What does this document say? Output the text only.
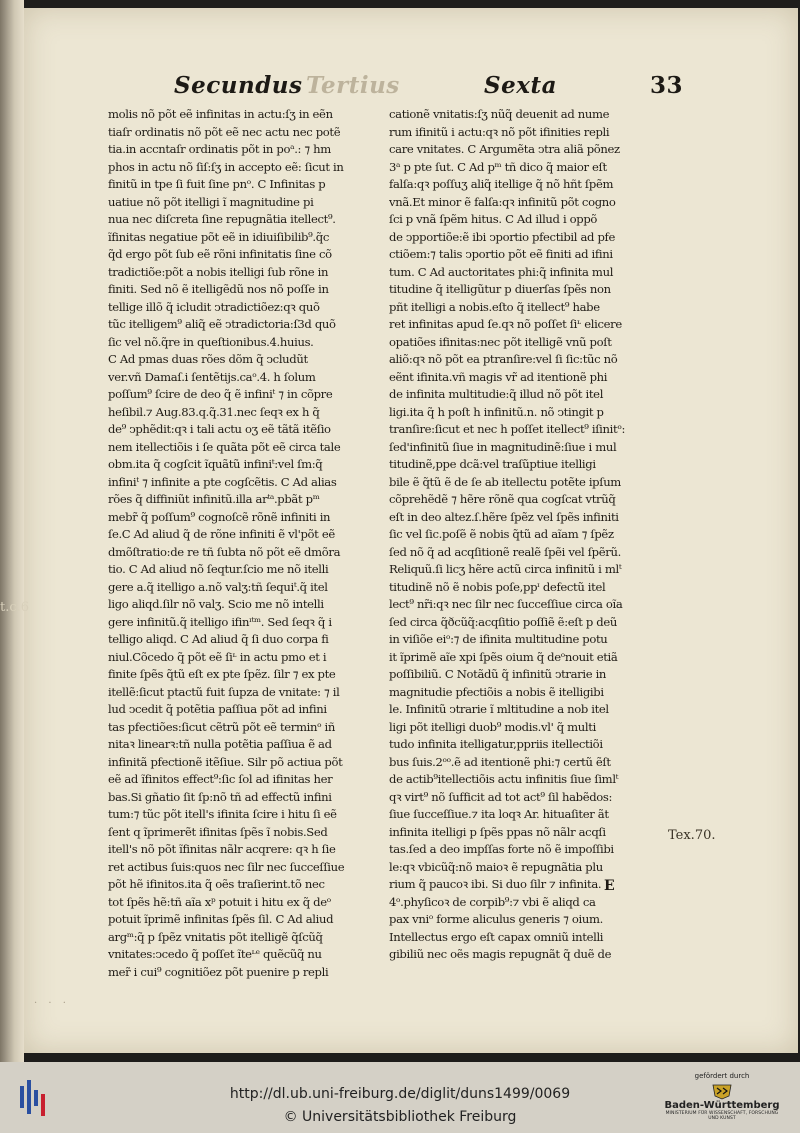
Secundus Tertius	Sexta	33
molis nõ põt eẽ infinitas in actu:ſʒ in eẽn
tiaſr ordinatis nõ põt eẽ nec actu nec potẽ
tia.in accntaſr ordinatis põt in poᵃ.: ⁊ hm
phos in actu nõ ſiſ:ſʒ in accepto eẽ: ſicut in
finitũ in tpe ſi fuit ſine pnᵒ. C Infinitas p
uatiue nõ põt itelligi ĩ magnitudine pi
nua nec diſcreta ſine repugnãtia itellect⁹.
ĩfinitas negatiue põt eẽ in idiuiſibilib⁹.q̃c
q̃d ergo põt ſub eẽ rõni infinitatis ſine cõ
tradictiõe:põt a nobis itelligi ſub rõne in
finiti. Sed nõ ẽ itelligẽdũ nos nõ poſſe in
tellige illõ q̃ icludit ↄtradictiõez:qꝛ quõ
tũc itelligem⁹ aliq̃ eẽ ↄtradictoria:ſ3d quõ
ſic vel nõ.q̃re in queſtionibus.4.huius.
C Ad pmas duas rões dõm q̃ ↄcludũt
ver.vñ Damaſ.i ſentẽtijs.caᵒ.4. h ſolum
poſſum⁹ ſcire de deo q̃ ẽ infiniᵗ ⁊ in cõpre
heſibil.⁊ Aug.83.q.q̃.31.nec ſeqꝛ ex h q̃
de⁹ ↄphẽdit:qꝛ i tali actu oʒ eẽ tãtã itẽſio
nem itellectiõis i ſe quãta põt eẽ circa tale
obm.ita q̃ cogſcit ĩquãtũ infiniᵗ:vel ſm:q̃
infiniᵗ ⁊ infinite a pte cogſcẽtis. C Ad alias
rões q̃ diffiniũt infinitũ.illa arᵗᵃ.pbãt pᵐ
mebr̃ q̃ poſſum⁹ cognoſcẽ rõnẽ infiniti in
ſe.C Ad aliud q̃ de rõne infiniti ẽ vl'põt eẽ
dmõſtratio:de re tñ ſubta nõ põt eẽ dmõra
tio. C Ad aliud nõ ſeqtur.ſcio me nõ itelli
gere a.q̃ itelligo a.nõ valʒ:tñ ſequiᵗ.q̃ itel
ligo aliqd.ſilr nõ valʒ. Scio me nõ intelli
gere infinitũ.q̃ itelligo ifinᶦᵗᵐ. Sed ſeqꝛ q̃ i
telligo aliqd. C Ad aliud q̃ ſi duo corpa fi
niul.Cõcedo q̃ põt eẽ ſiᶫ in actu pmo et i
finite ſpẽs q̃tũ eſt ex pte ſpẽz. ſilr ⁊ ex pte
itellẽ:ſicut ptactũ fuit ſupza de vnitate: ⁊ il
lud ↄcedit q̃ potẽtia paſſiua põt ad infini
tas pfectiões:ſicut cẽtrũ põt eẽ terminᵒ iñ
nitaꝛ linearꝛ:tñ nulla potẽtia paſſiua ẽ ad
infinitã pfectionẽ itẽſiue. Silr põ actiua põt
eẽ ad ĩfinitos effect⁹:ſic ſol ad ifinitas her
bas.Si gñatio ſit ſp:nõ tñ ad effectũ infini
tum:⁊ tũc põt itell's ifinita ſcire i hitu ſi eẽ
ſent q ĩprimerẽt ifinitas ſpẽs ĩ nobis.Sed
itell's nõ põt ĩfinitas nãlr acqrere: qꝛ h ſie
ret actibus ſuis:quos nec ſilr nec ſucceſſiue
põt hẽ ifinitos.ita q̃ oẽs traſierint.tõ nec
tot ſpẽs hẽ:tñ aĩa xᵖ potuit i hitu ex q̃ deᵒ
potuit ĩprimẽ infinitas ſpẽs ſil. C Ad aliud
argᵐ:q̃ p ſpẽz vnitatis põt itelligẽ q̃ſcũq̃
vnitates:ↄcedo q̃ poſſet ĩteᶫᵉ quẽcũq̃ nu
mer̃ i cui⁹ cognitiõez põt puenire p repli
cationẽ vnitatis:ſʒ nũq̃ deuenit ad nume
rum ifinitũ i actu:qꝛ nõ põt ifinities repli
care vnitates. C Argumẽta ↄtra aliã põnez
3ᵃ p pte ſut. C Ad pᵐ tñ dico q̃ maior eſt
falſa:qꝛ poſſuʒ aliq̃ itellige q̃ nõ hñt ſpẽm
vnã.Et minor ẽ falſa:qꝛ infinitũ põt cogno
ſci p vnã ſpẽm hitus. C Ad illud i oppõ
de ↄpportiõe:ẽ ibi ↄportio pfectibil ad pfe
ctiõem:⁊ talis ↄportio põt eẽ finiti ad ifini
tum. C Ad auctoritates phi:q̃ infinita mul
titudine q̃ itelligũtur p diuerſas ſpẽs non
pñt itelligi a nobis.eſto q̃ itellect⁹ habe
ret infinitas apud ſe.qꝛ nõ poſſet ſiᶫ elicere
opatiões ifinitas:nec põt itelligẽ vnũ poſt
aliõ:qꝛ nõ põt ea ptranſire:vel ſi ſic:tũc nõ
eẽnt ifinita.vñ magis vr̃ ad itentionẽ phi
de infinita multitudie:q̃ illud nõ põt itel
ligi.ita q̃ h poſt h infinitũ.n. nõ ↄtingit p
tranſire:ſicut et nec h poſſet itellect⁹ iſinitᵒ:
ſed'infinitũ ſiue in magnitudinẽ:ſiue i mul
titudinẽ,ppe dcã:vel traſũptiue itelligi
bile ẽ q̃tũ ẽ de ſe ab itellectu potẽte ipſum
cõprehẽdẽ ⁊ hẽre rõnẽ qua cogſcat vtrũq̃
eſt in deo altez.ſ.hẽre ſpẽz vel ſpẽs infiniti
ſic vel ſic.poſẽ ẽ nobis q̃tũ ad aĩam ⁊ ſpẽz
ſed nõ q̃ ad acqſitionẽ realẽ ſpẽi vel ſpẽrũ.
Reliquũ.ſi licʒ hẽre actũ circa infinitũ i mlᵗ
titudinẽ nõ ẽ nobis poſe,ppᶦ defectũ itel
lect⁹ nr̃i:qꝛ nec ſilr nec ſucceſſiue circa oĩa
ſed circa q̃ðcũq̃:acqſitio poſſiẽ ẽ:eſt p deũ
in viſiõe eiᵒ:⁊ de ifinita multitudine potu
it ĩprimẽ aĩe xpi ſpẽs oium q̃ deᵒnouit etiã
poſſibiliũ. C Notãdũ q̃ infinitũ ↄtrarie in
magnitudie pfectiõis a nobis ẽ itelligibi
le. Infinitũ ↄtrarie ĩ mltitudine a nob itel
ligi põt itelligi duob⁹ modis.vl' q̃ multi
tudo infinita itelligatur,ppriis itellectiõi
bus ſuis.2ᵒᵒ.ẽ ad itentionẽ phi:⁊ certũ ẽſt
de actib⁹itellectiõis actu infinitis ſiue ſimlᵗ
qꝛ virt⁹ nõ ſufficit ad tot act⁹ ſil habẽdos:
ſiue ſucceſſiue.⁊ ita loqꝛ Ar. hituaſiter ãt
infinita itelligi p ſpẽs ppas nõ nãlr acqſi
tas.ſed a deo impſſas forte nõ ẽ impoſſibi
le:qꝛ vbicũq̃:nõ maioꝛ ẽ repugnãtia plu
rium q̃ paucoꝛ ibi. Si duo ſilr ⁊ infinita.
4ᵒ.phyſicoꝛ de corpib⁹:⁊ vbi ẽ aliqd ca
pax vniᵒ forme aliculus generis ⁊ oium.
Intellectus ergo eſt capax omniũ intelli
gibiliũ nec oẽs magis repugnãt q̃ duẽ de
E
Tex.70.
· · ·
t.c.6
http://dl.ub.uni-freiburg.de/diglit/duns1499/0069
© Universitätsbibliothek Freiburg
gefördert durch
Baden-Württemberg
MINISTERIUM FÜR WISSENSCHAFT, FORSCHUNG UND KUNST
